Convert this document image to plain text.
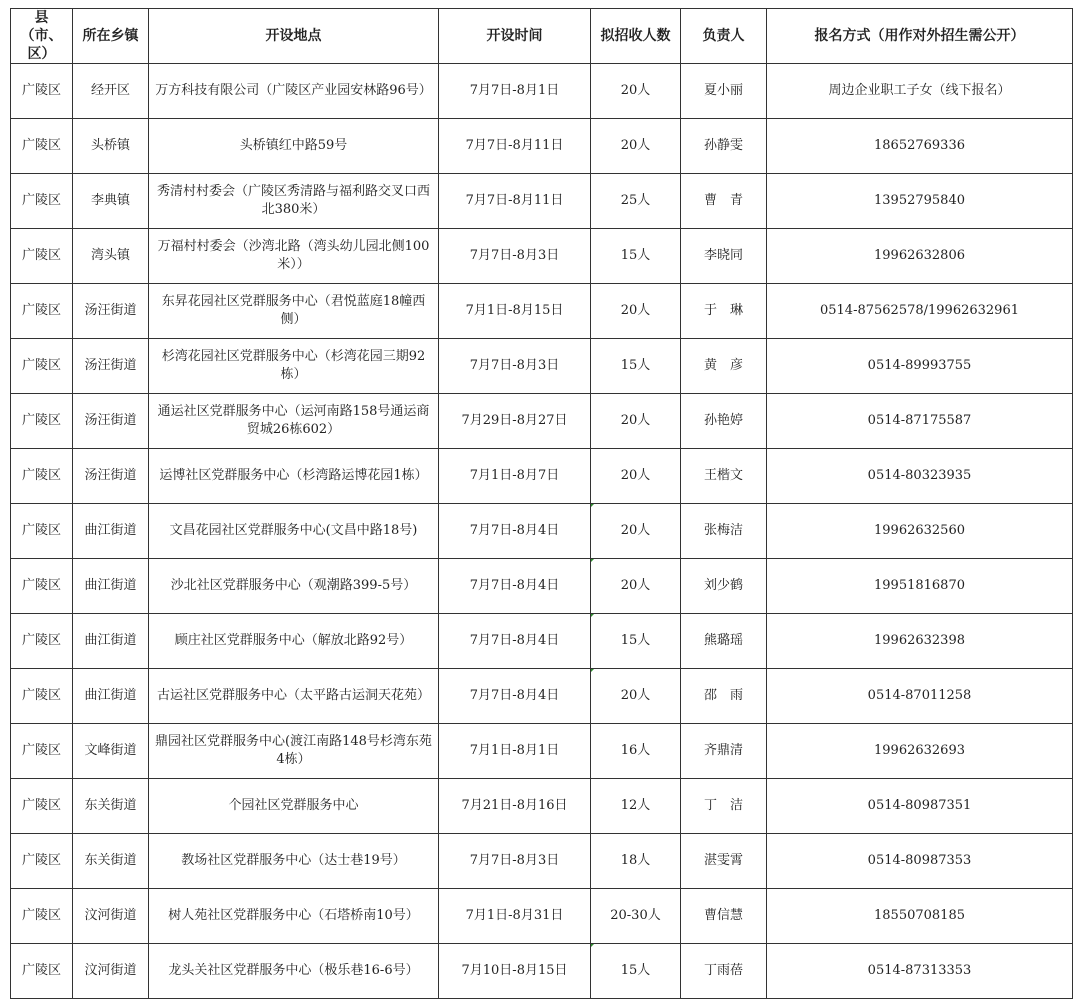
县（市、区）	所在乡镇	开设地点	开设时间	拟招收人数	负责人	报名方式（用作对外招生需公开）
广陵区	经开区	万方科技有限公司（广陵区产业园安林路96号）	7月7日-8月1日	20人	夏小丽	周边企业职工子女（线下报名）
广陵区	头桥镇	头桥镇红中路59号	7月7日-8月11日	20人	孙静雯	18652769336
广陵区	李典镇	秀清村村委会（广陵区秀清路与福利路交叉口西北380米）	7月7日-8月11日	25人	曹　青	13952795840
广陵区	湾头镇	万福村村委会（沙湾北路（湾头幼儿园北侧100米））	7月7日-8月3日	15人	李晓同	19962632806
广陵区	汤汪街道	东昇花园社区党群服务中心（君悦蓝庭18幢西侧）	7月1日-8月15日	20人	于　琳	0514-87562578/19962632961
广陵区	汤汪街道	杉湾花园社区党群服务中心（杉湾花园三期92栋）	7月7日-8月3日	15人	黄　彦	0514-89993755
广陵区	汤汪街道	通运社区党群服务中心（运河南路158号通运商贸城26栋602）	7月29日-8月27日	20人	孙艳婷	0514-87175587
广陵区	汤汪街道	运博社区党群服务中心（杉湾路运博花园1栋）	7月1日-8月7日	20人	王楷文	0514-80323935
广陵区	曲江街道	文昌花园社区党群服务中心(文昌中路18号)	7月7日-8月4日	20人	张梅洁	19962632560
广陵区	曲江街道	沙北社区党群服务中心（观潮路399-5号）	7月7日-8月4日	20人	刘少鹤	19951816870
广陵区	曲江街道	顾庄社区党群服务中心（解放北路92号）	7月7日-8月4日	15人	熊璐瑶	19962632398
广陵区	曲江街道	古运社区党群服务中心（太平路古运洞天花苑）	7月7日-8月4日	20人	邵　雨	0514-87011258
广陵区	文峰街道	鼎园社区党群服务中心(渡江南路148号杉湾东苑4栋）	7月1日-8月1日	16人	齐鼎清	19962632693
广陵区	东关街道	个园社区党群服务中心	7月21日-8月16日	12人	丁　洁	0514-80987351
广陵区	东关街道	教场社区党群服务中心（达士巷19号）	7月7日-8月3日	18人	湛雯霄	0514-80987353
广陵区	汶河街道	树人苑社区党群服务中心（石塔桥南10号）	7月1日-8月31日	20-30人	曹信慧	18550708185
广陵区	汶河街道	龙头关社区党群服务中心（极乐巷16-6号）	7月10日-8月15日	15人	丁雨蓓	0514-87313353
